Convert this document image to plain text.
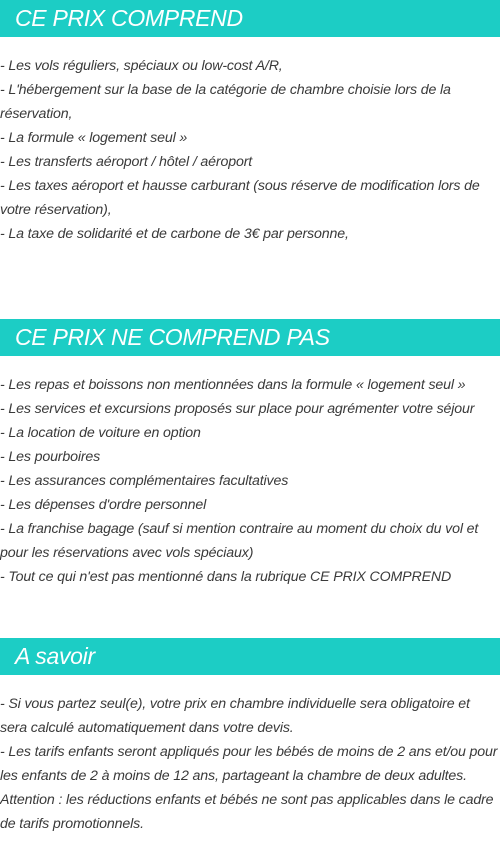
CE PRIX COMPREND
- Les vols réguliers, spéciaux ou low-cost A/R,
- L'hébergement sur la base de la catégorie de chambre choisie lors de la réservation,
- La formule « logement seul »
- Les transferts aéroport / hôtel / aéroport
- Les taxes aéroport et hausse carburant (sous réserve de modification lors de votre réservation),
- La taxe de solidarité et de carbone de 3€ par personne,
CE PRIX NE COMPREND PAS
- Les repas et boissons non mentionnées dans la formule « logement seul »
- Les services et excursions proposés sur place pour agrémenter votre séjour
- La location de voiture en option
- Les pourboires
- Les assurances complémentaires facultatives
- Les dépenses d'ordre personnel
- La franchise bagage (sauf si mention contraire au moment du choix du vol et pour les réservations avec vols spéciaux)
- Tout ce qui n'est pas mentionné dans la rubrique CE PRIX COMPREND
A savoir
- Si vous partez seul(e), votre prix en chambre individuelle sera obligatoire et sera calculé automatiquement dans votre devis.
- Les tarifs enfants seront appliqués pour les bébés de moins de 2 ans et/ou pour les enfants de 2 à moins de 12 ans, partageant la chambre de deux adultes.
Attention : les réductions enfants et bébés ne sont pas applicables dans le cadre de tarifs promotionnels.
